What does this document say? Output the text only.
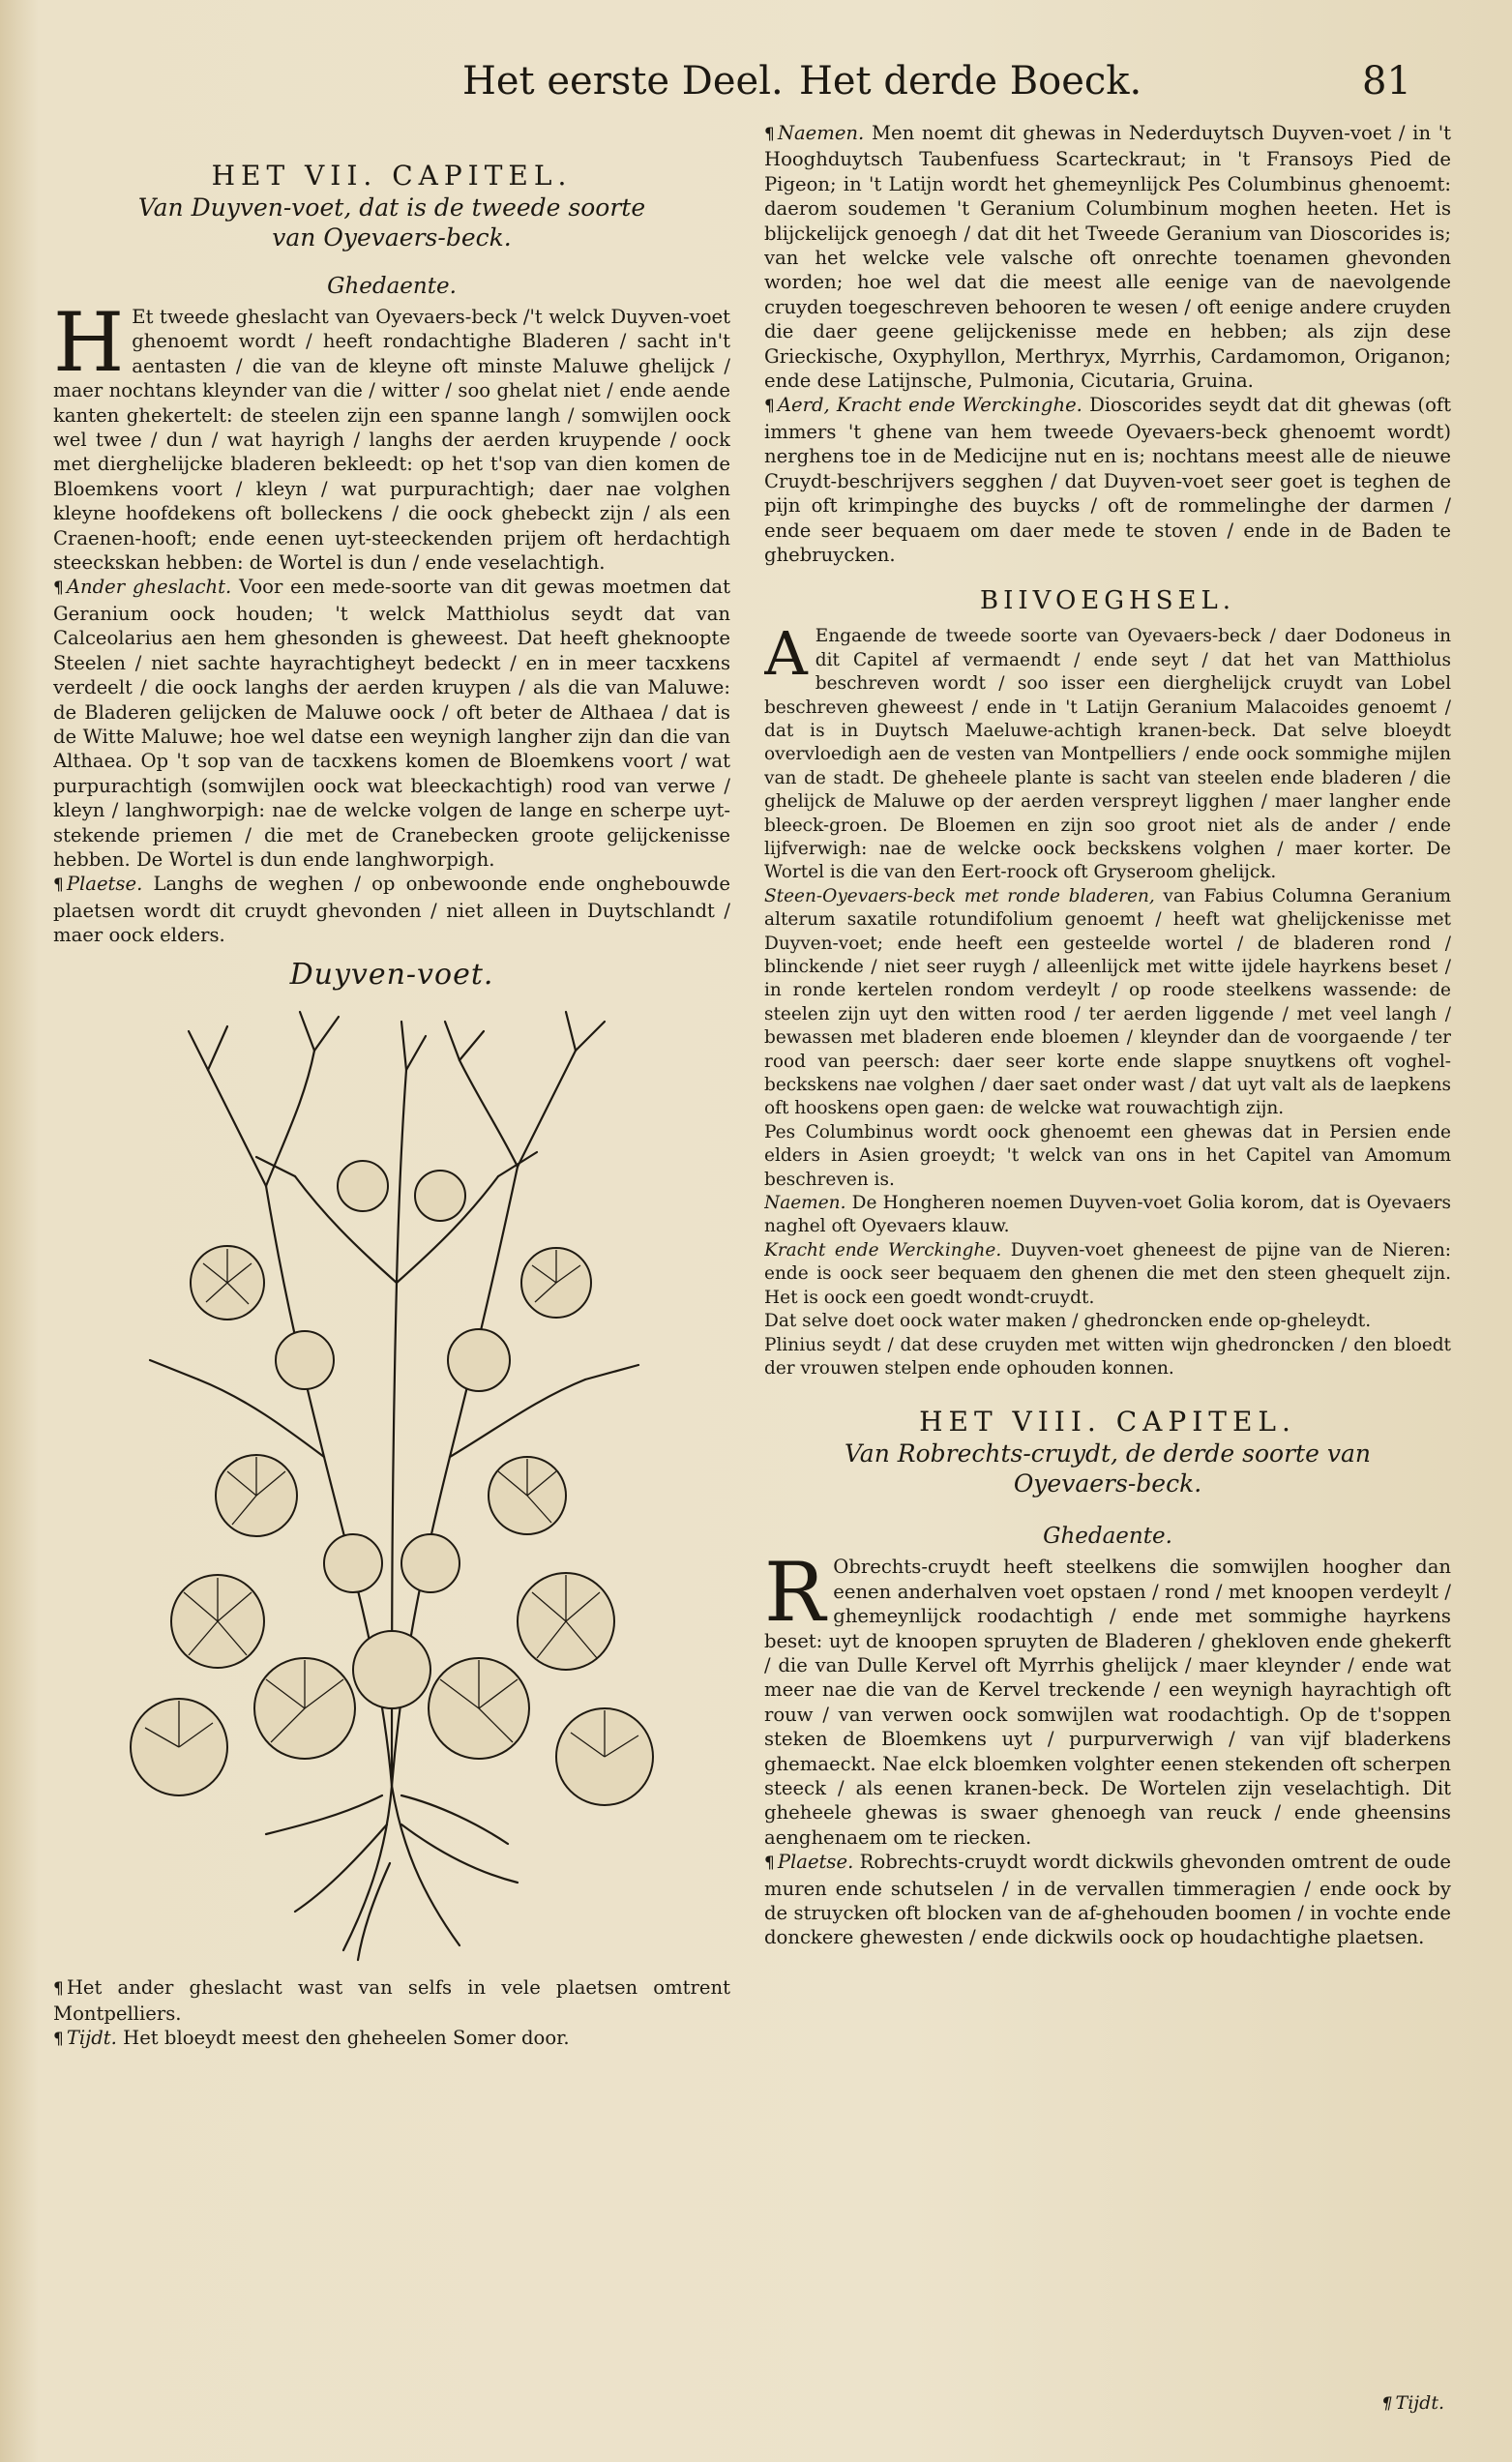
Het eerste Deel. Het derde Boeck.	81

HET VII. CAPITEL.

Van Duyven-voet, dat is de tweede soorte van Oyevaers-beck.

Ghedaente.

H Et tweede gheslacht van Oyevaers-beck /'t welck Duyven-voet ghenoemt wordt / heeft rondachtighe Bladeren / sacht in't aentasten / die van de kleyne oft minste Maluwe ghelijck / maer nochtans kleynder van die / witter / soo ghelat niet / ende aende kanten ghekertelt: de steelen zijn een spanne langh / somwijlen oock wel twee / dun / wat hayrigh / langhs der aerden kruypende / oock met dierghelijcke bladeren bekleedt: op het t'sop van dien komen de Bloemkens voort / kleyn / wat purpurachtigh; daer nae volghen kleyne hoofdekens oft bolleckens / die oock ghebeckt zijn / als een Craenen-hooft; ende eenen uyt-steeckenden prijem oft herdachtigh steeckskan hebben: de Wortel is dun / ende veselachtigh.

¶ Ander gheslacht. Voor een mede-soorte van dit gewas moetmen dat Geranium oock houden; 't welck Matthiolus seydt dat van Calceolarius aen hem ghesonden is gheweest. Dat heeft gheknoopte Steelen / niet sachte hayrachtigheyt bedeckt / en in meer tacxkens verdeelt / die oock langhs der aerden kruypen / als die van Maluwe: de Bladeren gelijcken de Maluwe oock / oft beter de Althaea / dat is de Witte Maluwe; hoe wel datse een weynigh langher zijn dan die van Althaea. Op 't sop van de tacxkens komen de Bloemkens voort / wat purpurachtigh (somwijlen oock wat bleeckachtigh) rood van verwe / kleyn / langhworpigh: nae de welcke volgen de lange en scherpe uyt-stekende priemen / die met de Cranebecken groote gelijckenisse hebben. De Wortel is dun ende langhworpigh.

¶ Plaetse. Langhs de weghen / op onbewoonde ende onghebouwde plaetsen wordt dit cruydt ghevonden / niet alleen in Duytschlandt / maer oock elders.

Duyven-voet.

¶ Het ander gheslacht wast van selfs in vele plaetsen omtrent Montpelliers.

¶ Tijdt. Het bloeydt meest den gheheelen Somer door.

¶ Naemen. Men noemt dit ghewas in Nederduytsch Duyven-voet / in 't Hooghduytsch Taubenfuess Scarteckraut; in 't Fransoys Pied de Pigeon; in 't Latijn wordt het ghemeynlijck Pes Columbinus ghenoemt: daerom soudemen 't Geranium Columbinum moghen heeten. Het is blijckelijck genoegh / dat dit het Tweede Geranium van Dioscorides is; van het welcke vele valsche oft onrechte toenamen ghevonden worden; hoe wel dat die meest alle eenige van de naevolgende cruyden toegeschreven behooren te wesen / oft eenige andere cruyden die daer geene gelijckenisse mede en hebben; als zijn dese Grieckische, Oxyphyllon, Merthryx, Myrrhis, Cardamomon, Origanon; ende dese Latijnsche, Pulmonia, Cicutaria, Gruina.

¶ Aerd, Kracht ende Werckinghe. Dioscorides seydt dat dit ghewas (oft immers 't ghene van hem tweede Oyevaers-beck ghenoemt wordt) nerghens toe in de Medicijne nut en is; nochtans meest alle de nieuwe Cruydt-beschrijvers segghen / dat Duyven-voet seer goet is teghen de pijn oft krimpinghe des buycks / oft de rommelinghe der darmen / ende seer bequaem om daer mede te stoven / ende in de Baden te ghebruycken.

BIIVOEGHSEL.

A Engaende de tweede soorte van Oyevaers-beck / daer Dodoneus in dit Capitel af vermaendt / ende seyt / dat het van Matthiolus beschreven wordt / soo isser een dierghelijck cruydt van Lobel beschreven gheweest / ende in 't Latijn Geranium Malacoides genoemt / dat is in Duytsch Maeluwe-achtigh kranen-beck. Dat selve bloeydt overvloedigh aen de vesten van Montpelliers / ende oock sommighe mijlen van de stadt. De gheheele plante is sacht van steelen ende bladeren / die ghelijck de Maluwe op der aerden verspreyt ligghen / maer langher ende bleeck-groen. De Bloemen en zijn soo groot niet als de ander / ende lijfverwigh: nae de welcke oock beckskens volghen / maer korter. De Wortel is die van den Eert-roock oft Gryseroom ghelijck.

Steen-Oyevaers-beck met ronde bladeren, van Fabius Columna Geranium alterum saxatile rotundifolium genoemt / heeft wat ghelijckenisse met Duyven-voet; ende heeft een gesteelde wortel / de bladeren rond / blinckende / niet seer ruygh / alleenlijck met witte ijdele hayrkens beset / in ronde kertelen rondom verdeylt / op roode steelkens wassende: de steelen zijn uyt den witten rood / ter aerden liggende / met veel langh / bewassen met bladeren ende bloemen / kleynder dan de voorgaende / ter rood van peersch: daer seer korte ende slappe snuytkens oft voghel-beckskens nae volghen / daer saet onder wast / dat uyt valt als de laepkens oft hooskens open gaen: de welcke wat rouwachtigh zijn.

Pes Columbinus wordt oock ghenoemt een ghewas dat in Persien ende elders in Asien groeydt; 't welck van ons in het Capitel van Amomum beschreven is.

Naemen. De Hongheren noemen Duyven-voet Golia korom, dat is Oyevaers naghel oft Oyevaers klauw.

Kracht ende Werckinghe. Duyven-voet gheneest de pijne van de Nieren: ende is oock seer bequaem den ghenen die met den steen ghequelt zijn. Het is oock een goedt wondt-cruydt.

Dat selve doet oock water maken / ghedroncken ende op-gheleydt.

Plinius seydt / dat dese cruyden met witten wijn ghedroncken / den bloedt der vrouwen stelpen ende ophouden konnen.

HET VIII. CAPITEL.

Van Robrechts-cruydt, de derde soorte van Oyevaers-beck.

Ghedaente.

R Obrechts-cruydt heeft steelkens die somwijlen hoogher dan eenen anderhalven voet opstaen / rond / met knoopen verdeylt / ghemeynlijck roodachtigh / ende met sommighe hayrkens beset: uyt de knoopen spruyten de Bladeren / ghekloven ende ghekerft / die van Dulle Kervel oft Myrrhis ghelijck / maer kleynder / ende wat meer nae die van de Kervel treckende / een weynigh hayrachtigh oft rouw / van verwen oock somwijlen wat roodachtigh. Op de t'soppen steken de Bloemkens uyt / purpurverwigh / van vijf bladerkens ghemaeckt. Nae elck bloemken volghter eenen stekenden oft scherpen steeck / als eenen kranen-beck. De Wortelen zijn veselachtigh. Dit gheheele ghewas is swaer ghenoegh van reuck / ende gheensins aenghenaem om te riecken.

¶ Plaetse. Robrechts-cruydt wordt dickwils ghevonden omtrent de oude muren ende schutselen / in de vervallen timmeragien / ende oock by de struycken oft blocken van de af-ghehouden boomen / in vochte ende donckere ghewesten / ende dickwils oock op houdachtighe plaetsen.

¶ Tijdt.
